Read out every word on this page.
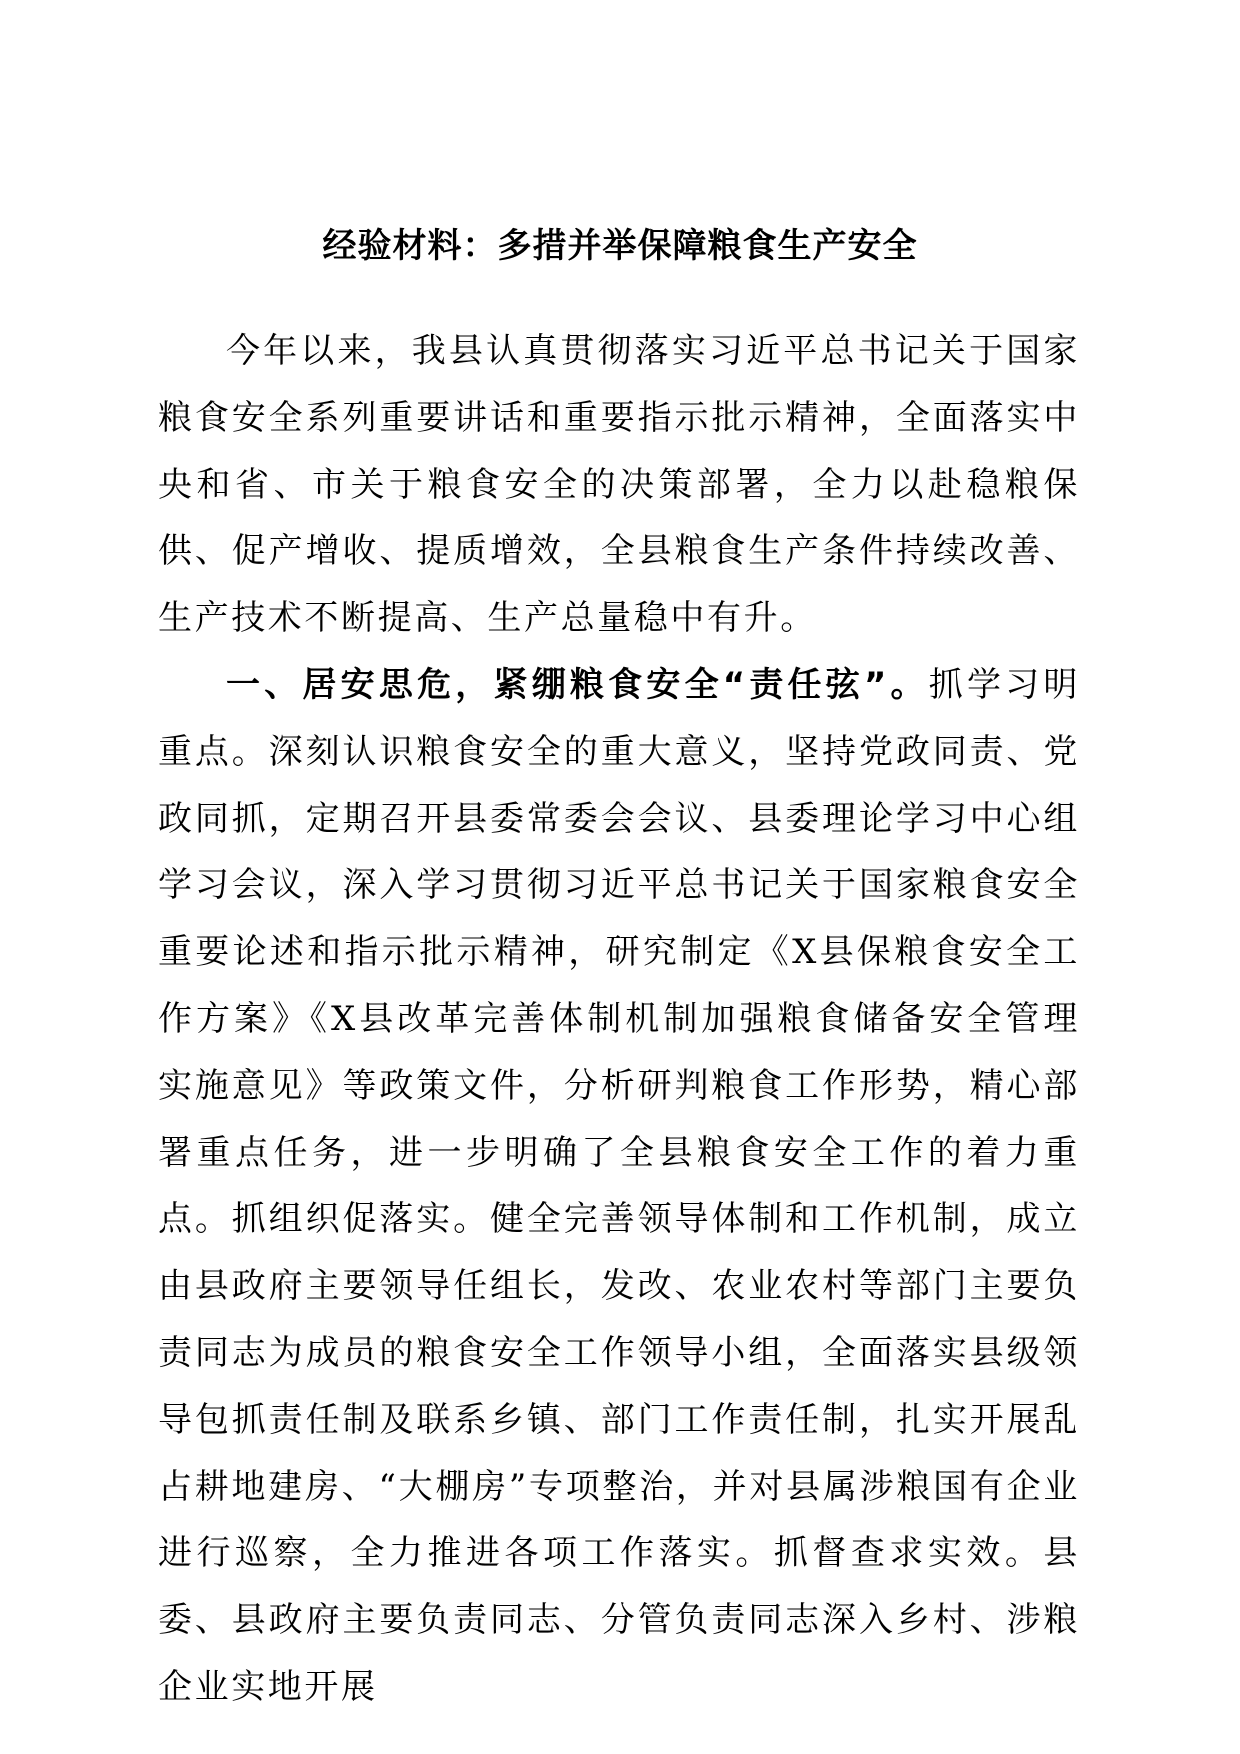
经验材料：多措并举保障粮食生产安全

今年以来，我县认真贯彻落实习近平总书记关于国家粮食安全系列重要讲话和重要指示批示精神，全面落实中央和省、市关于粮食安全的决策部署，全力以赴稳粮保供、促产增收、提质增效，全县粮食生产条件持续改善、生产技术不断提高、生产总量稳中有升。

一、居安思危，紧绷粮食安全“责任弦”。抓学习明重点。深刻认识粮食安全的重大意义，坚持党政同责、党政同抓，定期召开县委常委会会议、县委理论学习中心组学习会议，深入学习贯彻习近平总书记关于国家粮食安全重要论述和指示批示精神，研究制定《X县保粮食安全工作方案》《X县改革完善体制机制加强粮食储备安全管理实施意见》等政策文件，分析研判粮食工作形势，精心部署重点任务，进一步明确了全县粮食安全工作的着力重点。抓组织促落实。健全完善领导体制和工作机制，成立由县政府主要领导任组长，发改、农业农村等部门主要负责同志为成员的粮食安全工作领导小组，全面落实县级领导包抓责任制及联系乡镇、部门工作责任制，扎实开展乱占耕地建房、“大棚房”专项整治，并对县属涉粮国有企业进行巡察，全力推进各项工作落实。抓督查求实效。县委、县政府主要负责同志、分管负责同志深入乡村、涉粮企业实地开展
